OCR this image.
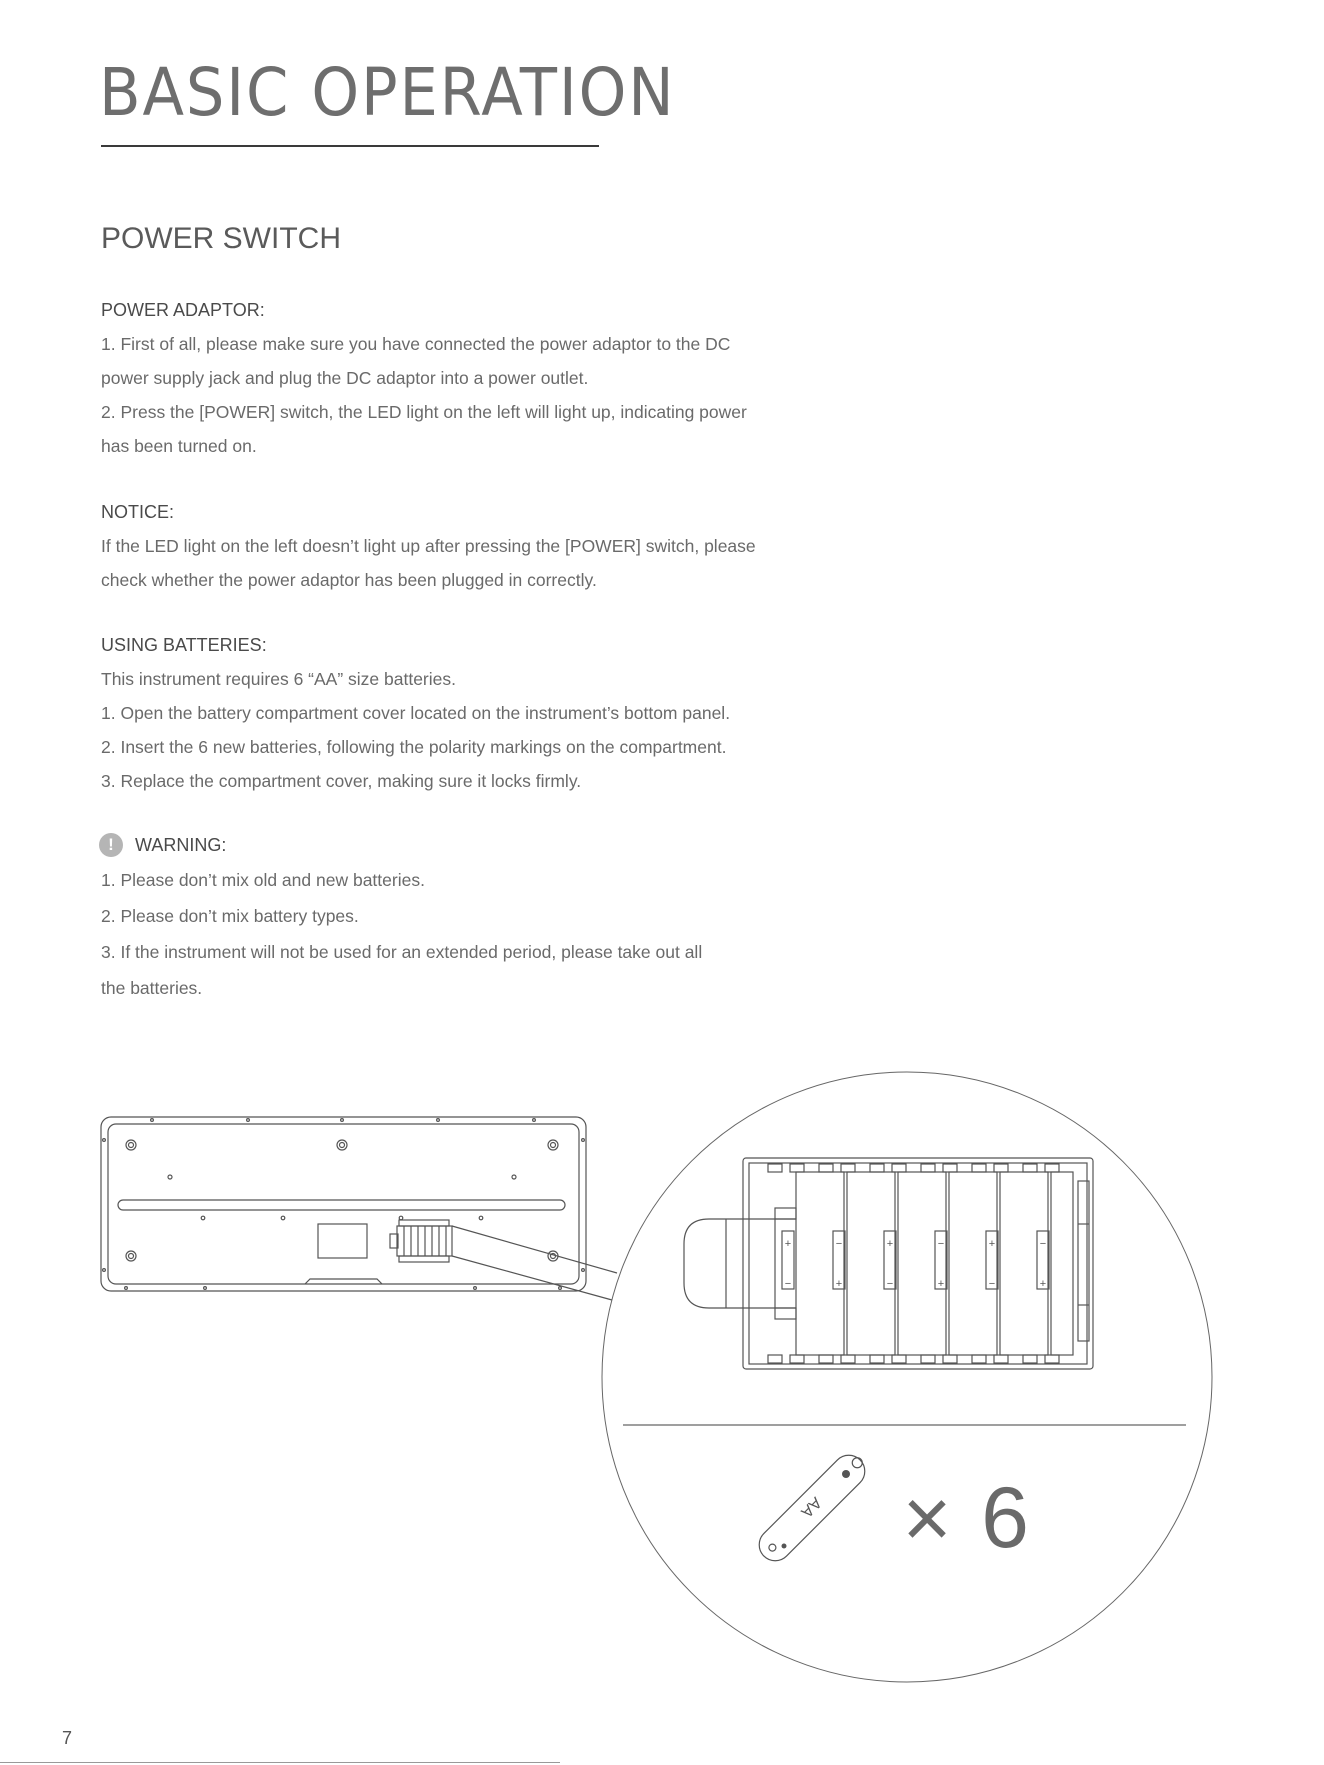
BASIC OPERATION
POWER SWITCH

POWER ADAPTOR:

1. First of all, please make sure you have connected the power adaptor to the DC

power supply jack and plug the DC adaptor into a power outlet.

2. Press the [POWER] switch, the LED light on the left will light up, indicating power

has been turned on.

NOTICE:

If the LED light on the left doesn’t light up after pressing the [POWER] switch, please

check whether the power adaptor has been plugged in correctly.

USING BATTERIES:

This instrument requires 6 “AA” size batteries.

1. Open the battery compartment cover located on the instrument’s bottom panel.

2. Insert the 6 new batteries, following the polarity markings on the compartment.

3. Replace the compartment cover, making sure it locks firmly.

!	WARNING:

1. Please don’t mix old and new batteries.

2. Please don’t mix battery types.

3. If the instrument will not be used for an extended period, please take out all

the batteries.

+
−
−
+
+
−
−
+
+
−
−
+
AA × 6
7
